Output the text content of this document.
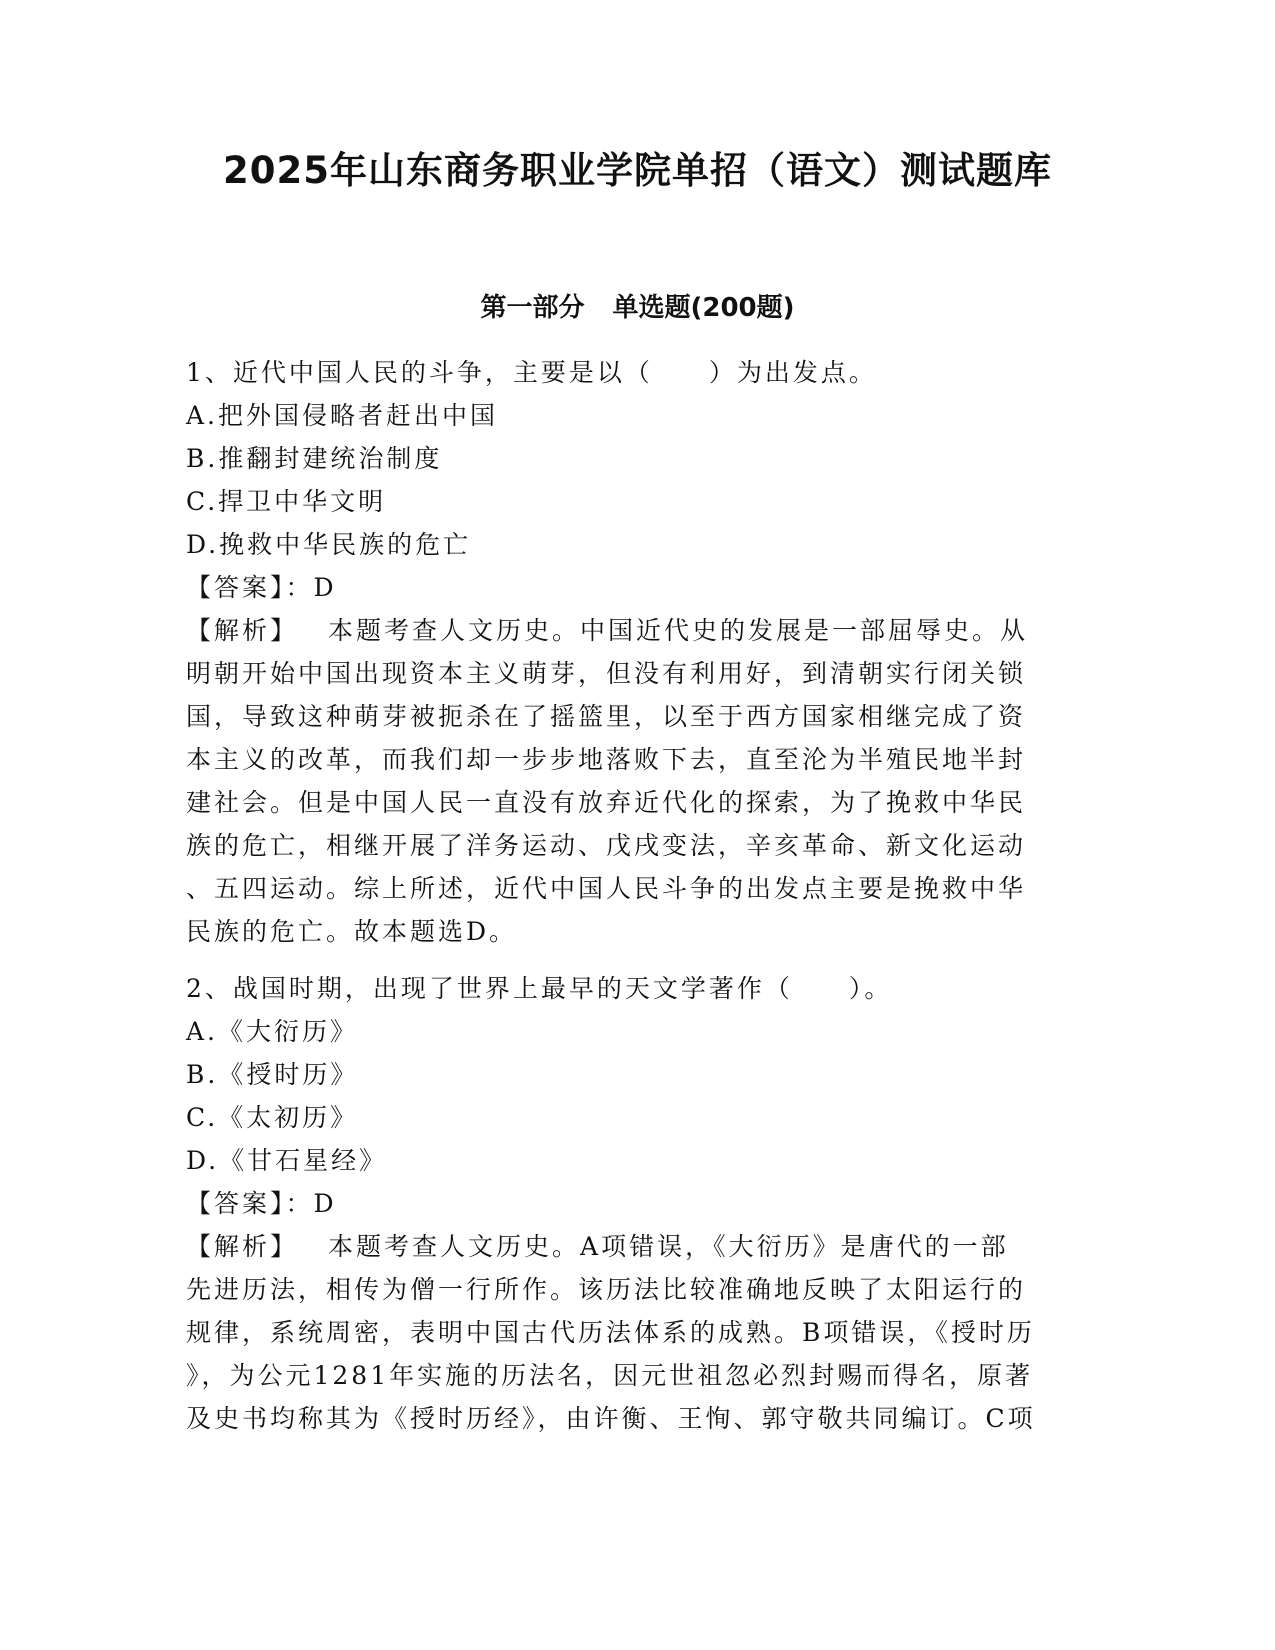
2025年山东商务职业学院单招（语文）测试题库
第一部分 单选题(200题)
1、近代中国人民的斗争，主要是以（　　）为出发点。
A.把外国侵略者赶出中国
B.推翻封建统治制度
C.捍卫中华文明
D.挽救中华民族的危亡
【答案】：D
【解析】 本题考查人文历史。中国近代史的发展是一部屈辱史。从
明朝开始中国出现资本主义萌芽，但没有利用好，到清朝实行闭关锁
国，导致这种萌芽被扼杀在了摇篮里，以至于西方国家相继完成了资
本主义的改革，而我们却一步步地落败下去，直至沦为半殖民地半封
建社会。但是中国人民一直没有放弃近代化的探索，为了挽救中华民
族的危亡，相继开展了洋务运动、戊戌变法，辛亥革命、新文化运动
、五四运动。综上所述，近代中国人民斗争的出发点主要是挽救中华
民族的危亡。故本题选D。
2、战国时期，出现了世界上最早的天文学著作（　　）。
A.《大衍历》
B.《授时历》
C.《太初历》
D.《甘石星经》
【答案】：D
【解析】 本题考查人文历史。A项错误，《大衍历》是唐代的一部
先进历法，相传为僧一行所作。该历法比较准确地反映了太阳运行的
规律，系统周密，表明中国古代历法体系的成熟。B项错误，《授时历
》，为公元1281年实施的历法名，因元世祖忽必烈封赐而得名，原著
及史书均称其为《授时历经》，由许衡、王恂、郭守敬共同编订。C项
